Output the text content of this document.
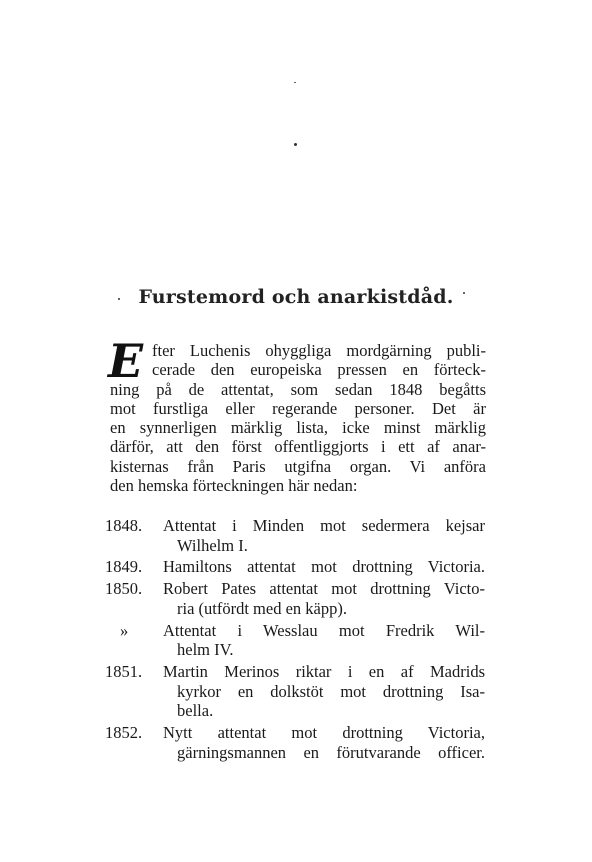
Furstemord och anarkistdåd.
E fter Luchenis ohyggliga mordgärning publi-
cerade den europeiska pressen en förteck-
ning på de attentat, som sedan 1848 begåtts
mot furstliga eller regerande personer. Det är
en synnerligen märklig lista, icke minst märklig
därför, att den först offentliggjorts i ett af anar-
kisternas från Paris utgifna organ. Vi anföra
den hemska förteckningen här nedan:
1848.	Attentat i Minden mot sedermera kejsar
Wilhelm I.
1849.	Hamiltons attentat mot drottning Victoria.
1850.	Robert Pates attentat mot drottning Victo-
ria (utfördt med en käpp).
»	Attentat i Wesslau mot Fredrik Wil-
helm IV.
1851.	Martin Merinos riktar i en af Madrids
kyrkor en dolkstöt mot drottning Isa-
bella.
1852.	Nytt attentat mot drottning Victoria,
gärningsmannen en förutvarande officer.
